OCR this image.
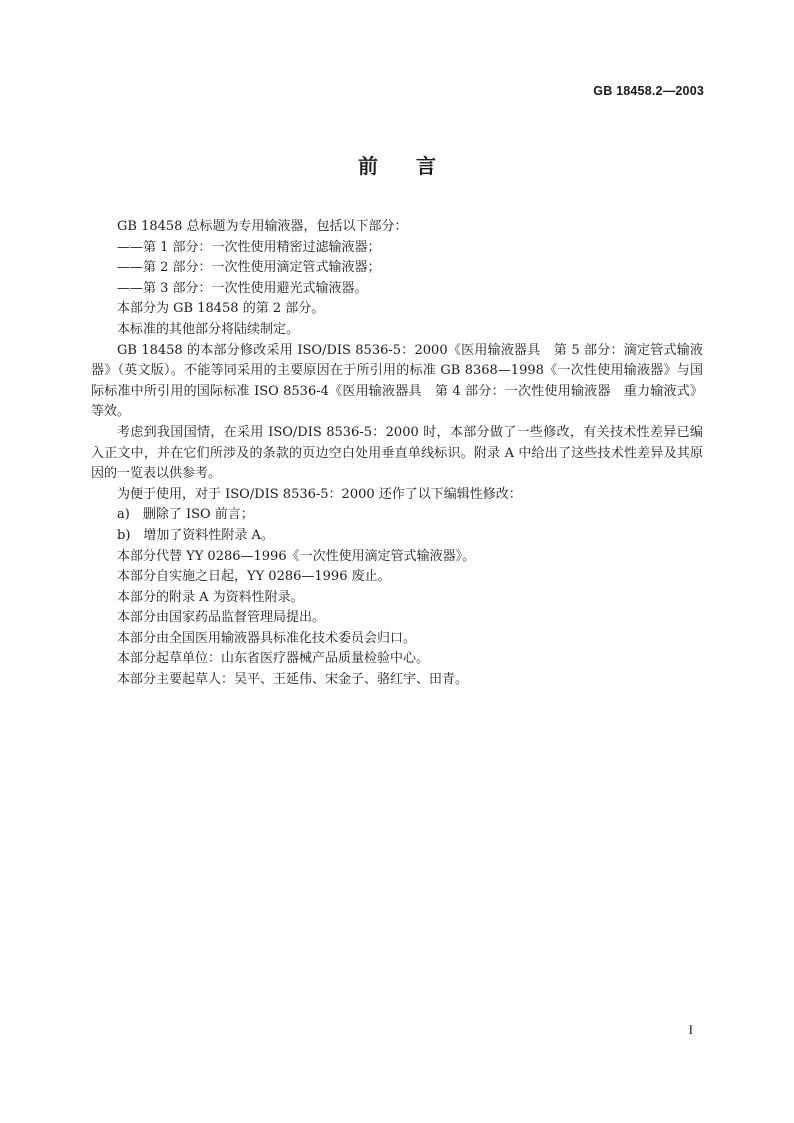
GB 18458.2—2003
前言

GB 18458 总标题为专用输液器，包括以下部分：

——第 1 部分：一次性使用精密过滤输液器；

——第 2 部分：一次性使用滴定管式输液器；

——第 3 部分：一次性使用避光式输液器。

本部分为 GB 18458 的第 2 部分。

本标准的其他部分将陆续制定。

GB 18458 的本部分修改采用 ISO/DIS 8536-5：2000《医用输液器具　第 5 部分：滴定管式输液器》（英文版）。不能等同采用的主要原因在于所引用的标准 GB 8368—1998《一次性使用输液器》与国际标准中所引用的国际标准 ISO 8536-4《医用输液器具　第 4 部分：一次性使用输液器　重力输液式》等效。

考虑到我国国情，在采用 ISO/DIS 8536-5：2000 时，本部分做了一些修改，有关技术性差异已编入正文中，并在它们所涉及的条款的页边空白处用垂直单线标识。附录 A 中给出了这些技术性差异及其原因的一览表以供参考。

为便于使用，对于 ISO/DIS 8536-5：2000 还作了以下编辑性修改：

a)　删除了 ISO 前言；

b)　增加了资料性附录 A。

本部分代替 YY 0286—1996《一次性使用滴定管式输液器》。

本部分自实施之日起，YY 0286—1996 废止。

本部分的附录 A 为资料性附录。

本部分由国家药品监督管理局提出。

本部分由全国医用输液器具标准化技术委员会归口。

本部分起草单位：山东省医疗器械产品质量检验中心。

本部分主要起草人：吴平、王延伟、宋金子、骆红宇、田青。

I
